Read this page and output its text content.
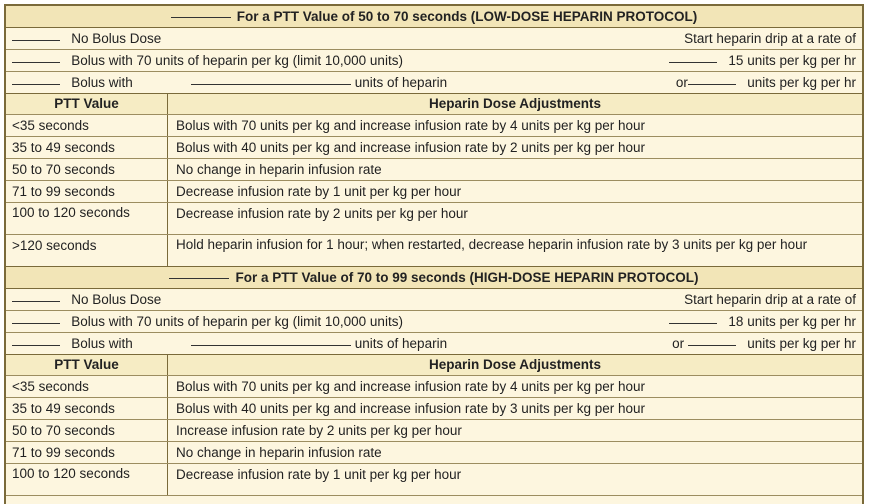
For a PTT Value of 50 to 70 seconds (LOW-DOSE HEPARIN PROTOCOL)
No Bolus Dose	Start heparin drip at a rate of
Bolus with 70 units of heparin per kg (limit 10,000 units)	15 units per kg per hr
Bolus with	units of heparin	or	units per kg per hr
PTT Value	Heparin Dose Adjustments
<35 seconds	Bolus with 70 units per kg and increase infusion rate by 4 units per kg per hour
35 to 49 seconds	Bolus with 40 units per kg and increase infusion rate by 2 units per kg per hour
50 to 70 seconds	No change in heparin infusion rate
71 to 99 seconds	Decrease infusion rate by 1 unit per kg per hour
100 to 120 seconds	Decrease infusion rate by 2 units per kg per hour
>120 seconds	Hold heparin infusion for 1 hour; when restarted, decrease heparin infusion rate by 3 units per kg per hour
For a PTT Value of 70 to 99 seconds (HIGH-DOSE HEPARIN PROTOCOL)
No Bolus Dose	Start heparin drip at a rate of
Bolus with 70 units of heparin per kg (limit 10,000 units)	18 units per kg per hr
Bolus with	units of heparin	or	units per kg per hr
PTT Value	Heparin Dose Adjustments
<35 seconds	Bolus with 70 units per kg and increase infusion rate by 4 units per kg per hour
35 to 49 seconds	Bolus with 40 units per kg and increase infusion rate by 3 units per kg per hour
50 to 70 seconds	Increase infusion rate by 2 units per kg per hour
71 to 99 seconds	No change in heparin infusion rate
100 to 120 seconds	Decrease infusion rate by 1 unit per kg per hour
